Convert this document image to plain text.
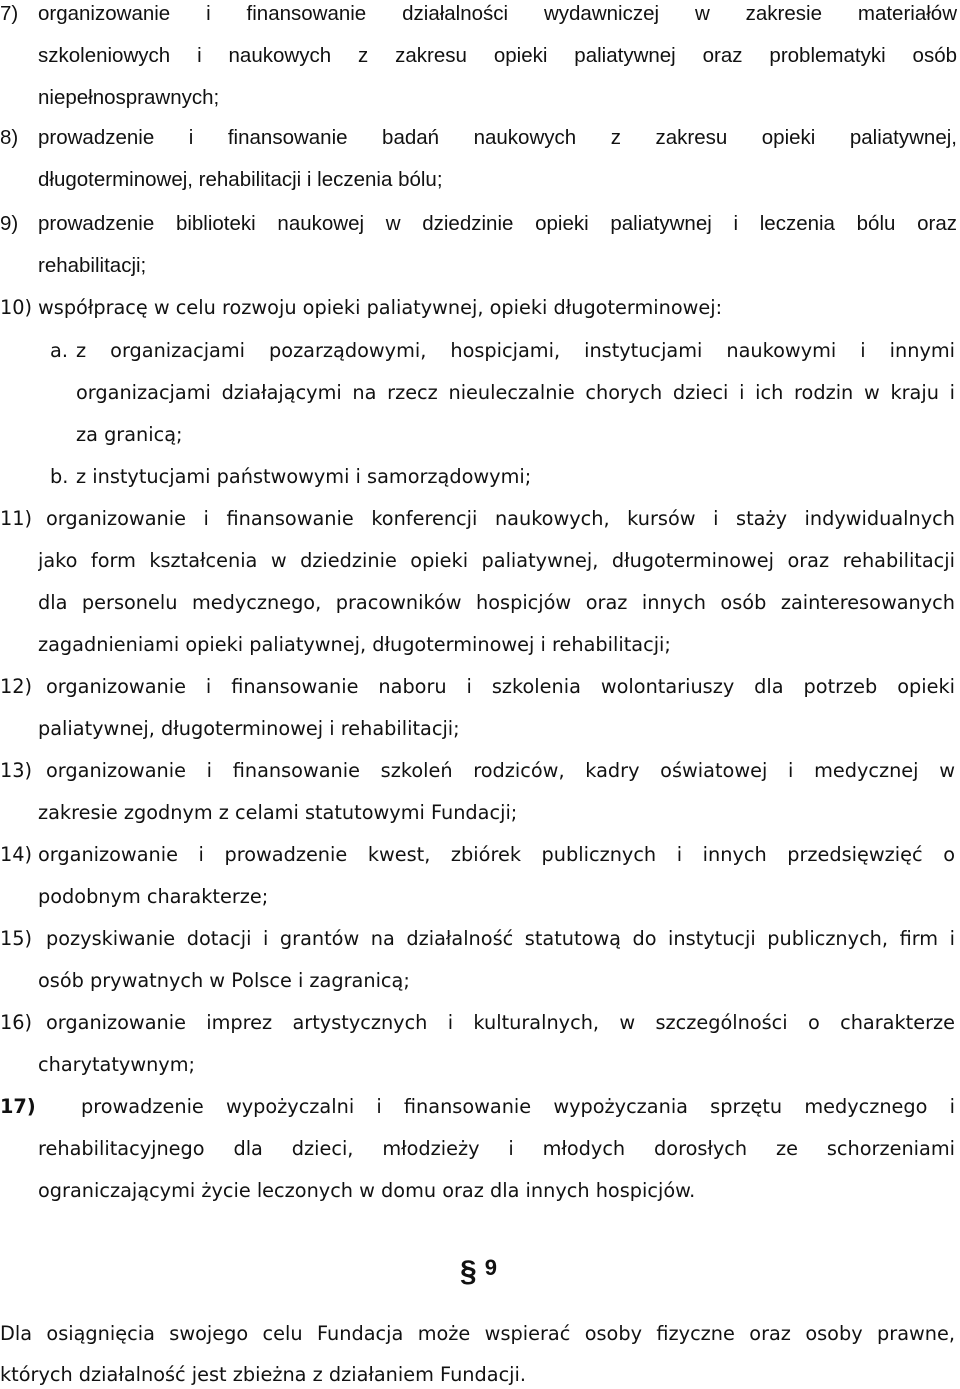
7) organizowanie i finansowanie działalności wydawniczej w zakresie materiałów
szkoleniowych i naukowych z zakresu opieki paliatywnej oraz problematyki osób
niepełnosprawnych;
8) prowadzenie i finansowanie badań naukowych z zakresu opieki paliatywnej,
długoterminowej, rehabilitacji i leczenia bólu;
9) prowadzenie biblioteki naukowej w dziedzinie opieki paliatywnej i leczenia bólu oraz
rehabilitacji;
10) współpracę w celu rozwoju opieki paliatywnej, opieki długoterminowej:
a. z organizacjami pozarządowymi, hospicjami, instytucjami naukowymi i innymi
organizacjami działającymi na rzecz nieuleczalnie chorych dzieci i ich rodzin w kraju i
za granicą;
b. z instytucjami państwowymi i samorządowymi;
11) organizowanie i finansowanie konferencji naukowych, kursów i staży indywidualnych
jako form kształcenia w dziedzinie opieki paliatywnej, długoterminowej oraz rehabilitacji
dla personelu medycznego, pracowników hospicjów oraz innych osób zainteresowanych
zagadnieniami opieki paliatywnej, długoterminowej i rehabilitacji;
12) organizowanie i finansowanie naboru i szkolenia wolontariuszy dla potrzeb opieki
paliatywnej, długoterminowej i rehabilitacji;
13) organizowanie i finansowanie szkoleń rodziców, kadry oświatowej i medycznej w
zakresie zgodnym z celami statutowymi Fundacji;
14) organizowanie i prowadzenie kwest, zbiórek publicznych i innych przedsięwzięć o
podobnym charakterze;
15) pozyskiwanie dotacji i grantów na działalność statutową do instytucji publicznych, firm i
osób prywatnych w Polsce i zagranicą;
16) organizowanie imprez artystycznych i kulturalnych, w szczególności o charakterze
charytatywnym;
17) prowadzenie wypożyczalni i finansowanie wypożyczania sprzętu medycznego i
rehabilitacyjnego dla dzieci, młodzieży i młodych dorosłych ze schorzeniami
ograniczającymi życie leczonych w domu oraz dla innych hospicjów.
§ 9
Dla osiągnięcia swojego celu Fundacja może wspierać osoby fizyczne oraz osoby prawne,
których działalność jest zbieżna z działaniem Fundacji.
